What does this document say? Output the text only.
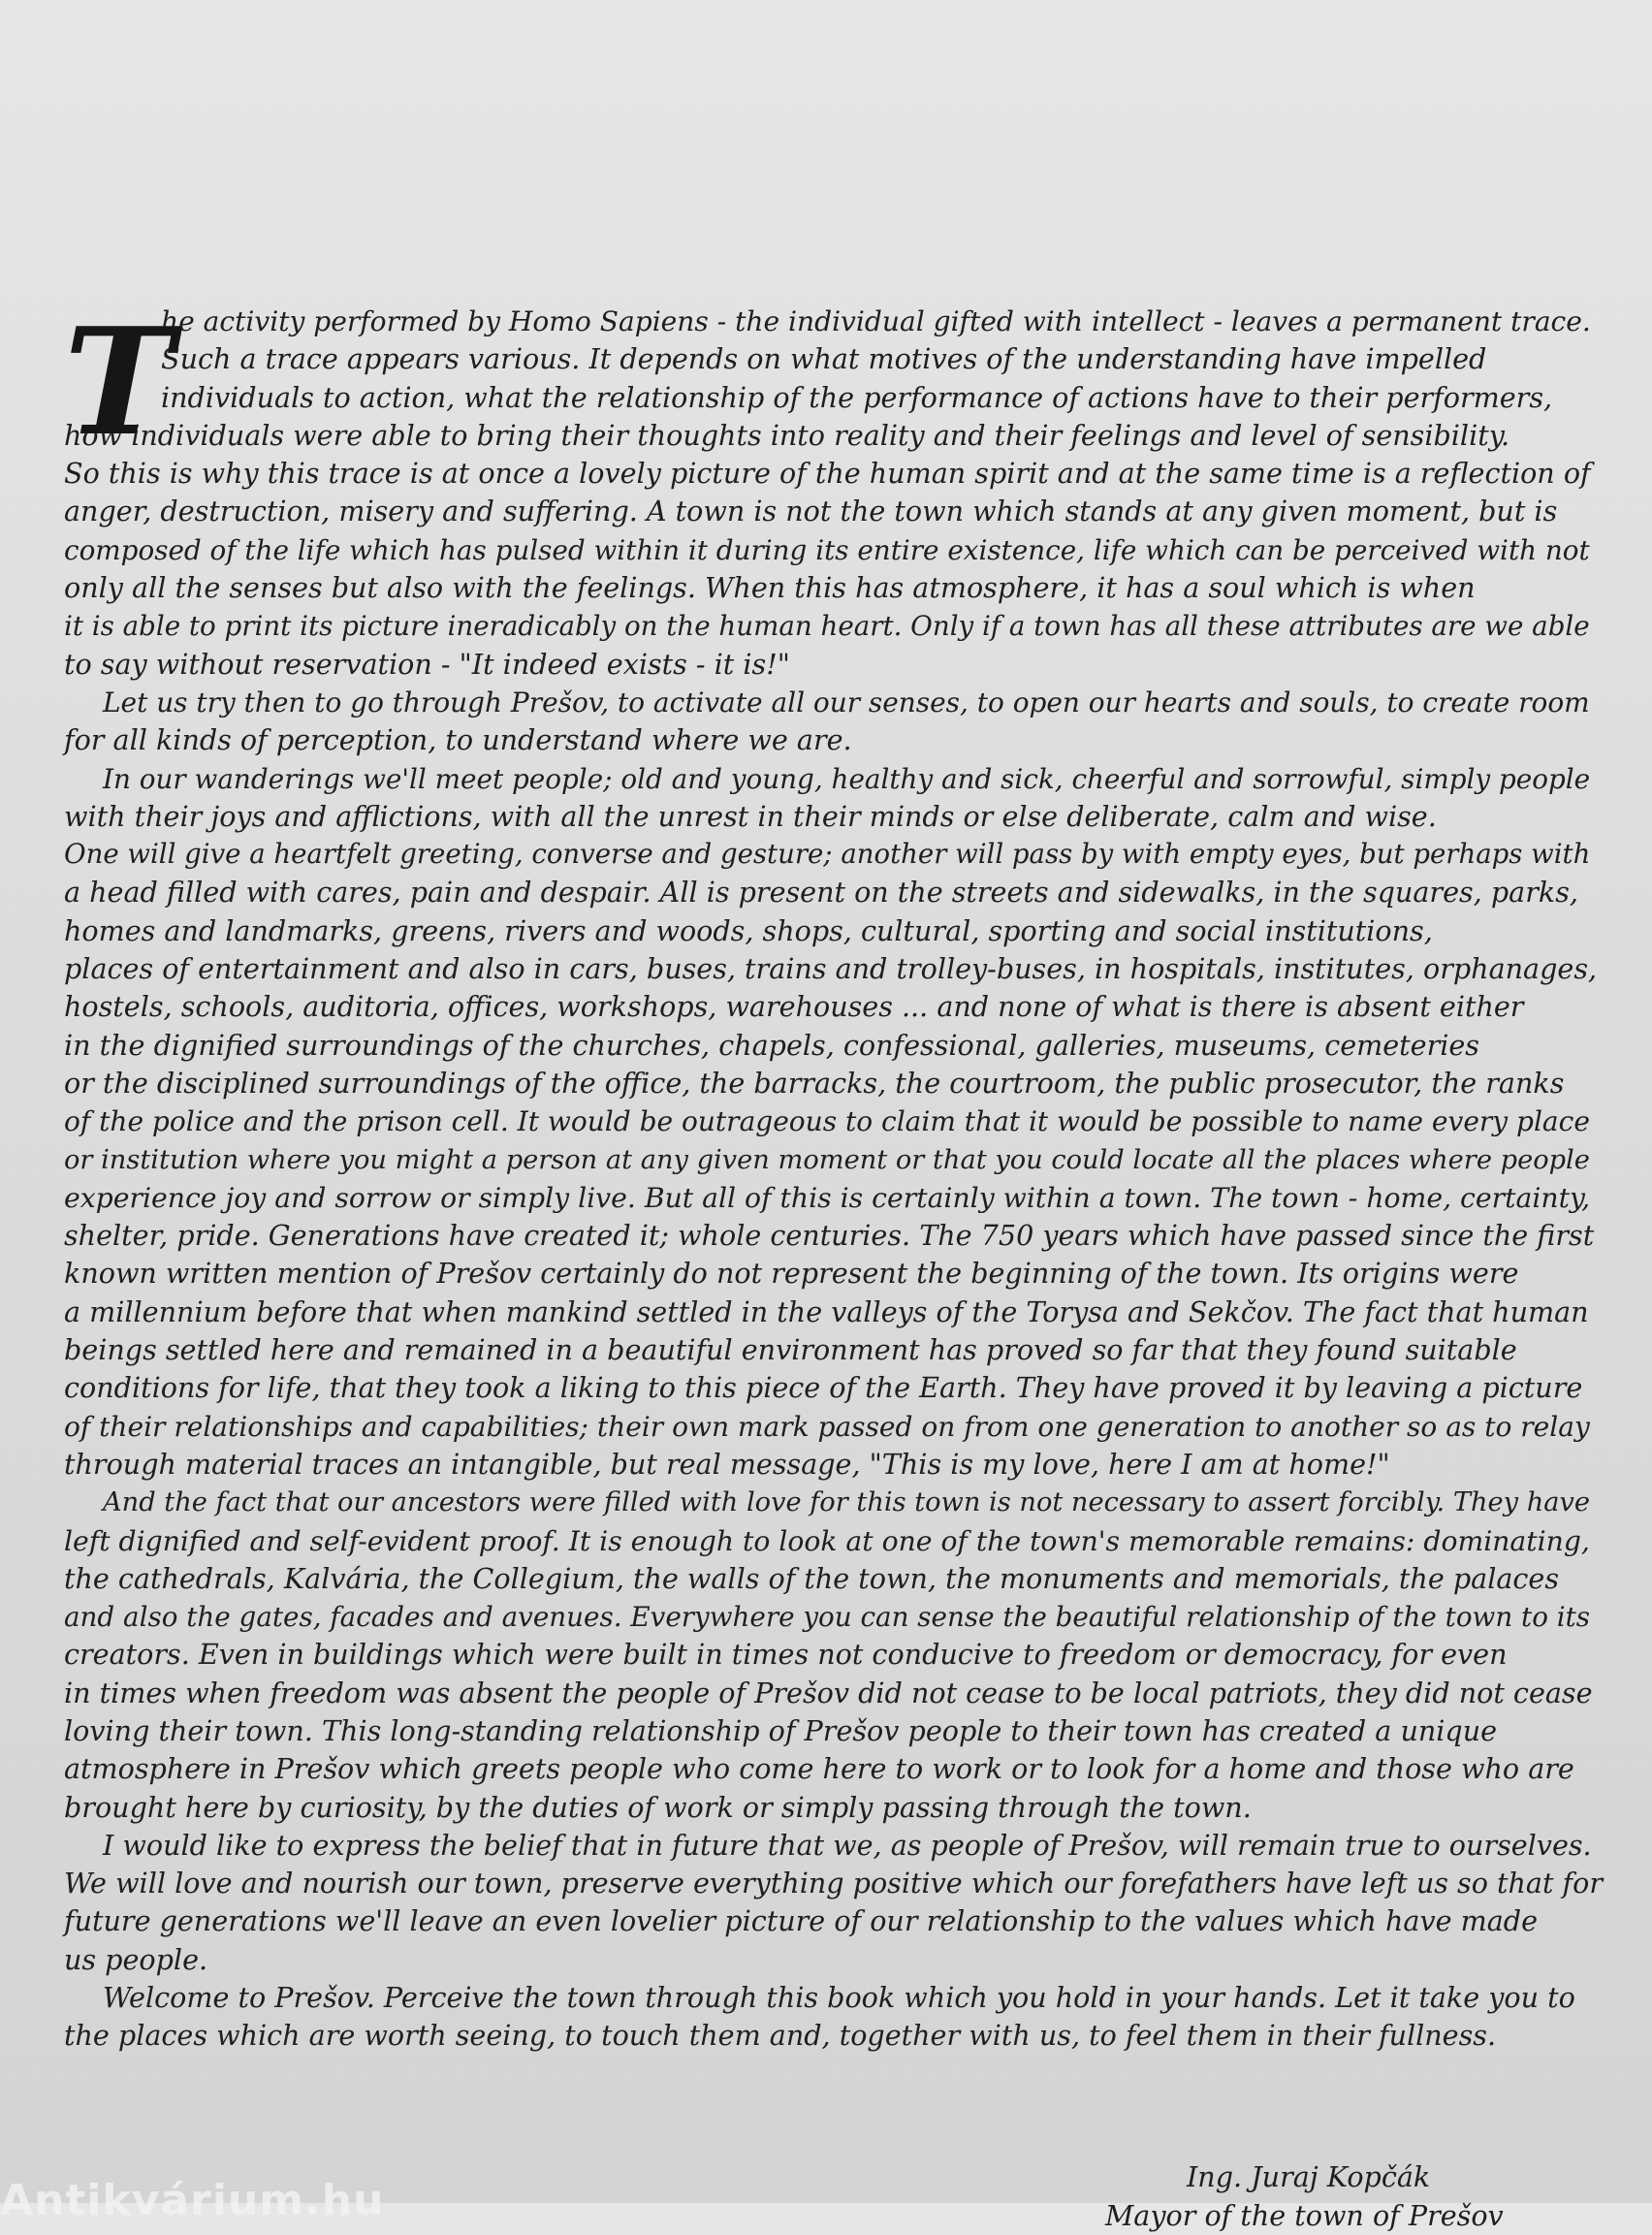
T

he activity performed by Homo Sapiens - the individual gifted with intellect - leaves a permanent trace.
Such a trace appears various. It depends on what motives of the understanding have impelled
individuals to action, what the relationship of the performance of actions have to their performers,
how individuals were able to bring their thoughts into reality and their feelings and level of sensibility.
So this is why this trace is at once a lovely picture of the human spirit and at the same time is a reflection of
anger, destruction, misery and suffering. A town is not the town which stands at any given moment, but is
composed of the life which has pulsed within it during its entire existence, life which can be perceived with not
only all the senses but also with the feelings. When this has atmosphere, it has a soul which is when
it is able to print its picture ineradicably on the human heart. Only if a town has all these attributes are we able
to say without reservation - "It indeed exists - it is!"

Let us try then to go through Prešov, to activate all our senses, to open our hearts and souls, to create room
for all kinds of perception, to understand where we are.

In our wanderings we'll meet people; old and young, healthy and sick, cheerful and sorrowful, simply people
with their joys and afflictions, with all the unrest in their minds or else deliberate, calm and wise.
One will give a heartfelt greeting, converse and gesture; another will pass by with empty eyes, but perhaps with
a head filled with cares, pain and despair. All is present on the streets and sidewalks, in the squares, parks,
homes and landmarks, greens, rivers and woods, shops, cultural, sporting and social institutions,
places of entertainment and also in cars, buses, trains and trolley-buses, in hospitals, institutes, orphanages,
hostels, schools, auditoria, offices, workshops, warehouses ... and none of what is there is absent either
in the dignified surroundings of the churches, chapels, confessional, galleries, museums, cemeteries
or the disciplined surroundings of the office, the barracks, the courtroom, the public prosecutor, the ranks
of the police and the prison cell. It would be outrageous to claim that it would be possible to name every place
or institution where you might a person at any given moment or that you could locate all the places where people
experience joy and sorrow or simply live. But all of this is certainly within a town. The town - home, certainty,
shelter, pride. Generations have created it; whole centuries. The 750 years which have passed since the first
known written mention of Prešov certainly do not represent the beginning of the town. Its origins were
a millennium before that when mankind settled in the valleys of the Torysa and Sekčov. The fact that human
beings settled here and remained in a beautiful environment has proved so far that they found suitable
conditions for life, that they took a liking to this piece of the Earth. They have proved it by leaving a picture
of their relationships and capabilities; their own mark passed on from one generation to another so as to relay
through material traces an intangible, but real message, "This is my love, here I am at home!"

And the fact that our ancestors were filled with love for this town is not necessary to assert forcibly. They have
left dignified and self-evident proof. It is enough to look at one of the town's memorable remains: dominating,
the cathedrals, Kalvária, the Collegium, the walls of the town, the monuments and memorials, the palaces
and also the gates, facades and avenues. Everywhere you can sense the beautiful relationship of the town to its
creators. Even in buildings which were built in times not conducive to freedom or democracy, for even
in times when freedom was absent the people of Prešov did not cease to be local patriots, they did not cease
loving their town. This long-standing relationship of Prešov people to their town has created a unique
atmosphere in Prešov which greets people who come here to work or to look for a home and those who are
brought here by curiosity, by the duties of work or simply passing through the town.

I would like to express the belief that in future that we, as people of Prešov, will remain true to ourselves.
We will love and nourish our town, preserve everything positive which our forefathers have left us so that for
future generations we'll leave an even lovelier picture of our relationship to the values which have made
us people.

Welcome to Prešov. Perceive the town through this book which you hold in your hands. Let it take you to
the places which are worth seeing, to touch them and, together with us, to feel them in their fullness.

Ing. Juraj Kopčák
Mayor of the town of Prešov
Antikvárium.hu
